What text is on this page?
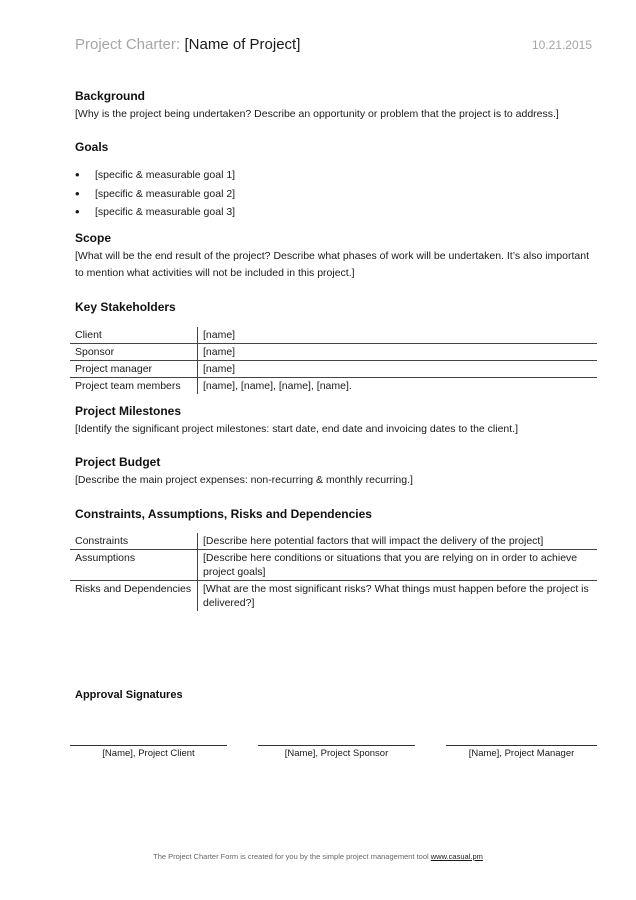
Project Charter: [Name of Project]	10.21.2015
Background

[Why is the project being undertaken? Describe an opportunity or problem that the project is to address.]

Goals
• [specific & measurable goal 1]
• [specific & measurable goal 2]
• [specific & measurable goal 3]
Scope

[What will be the end result of the project? Describe what phases of work will be undertaken. It’s also important to mention what activities will not be included in this project.]

Key Stakeholders
Client	[name]
Sponsor	[name]
Project manager	[name]
Project team members	[name], [name], [name], [name].
Project Milestones

[Identify the significant project milestones: start date, end date and invoicing dates to the client.]

Project Budget

[Describe the main project expenses: non-recurring & monthly recurring.]

Constraints, Assumptions, Risks and Dependencies
Constraints	[Describe here potential factors that will impact the delivery of the project]
Assumptions	[Describe here conditions or situations that you are relying on in order to achieve project goals]
Risks and Dependencies	[What are the most significant risks? What things must happen before the project is delivered?]
Approval Signatures
[Name], Project Client	[Name], Project Sponsor	[Name], Project Manager
The Project Charter Form is created for you by the simple project management tool www.casual.pm
